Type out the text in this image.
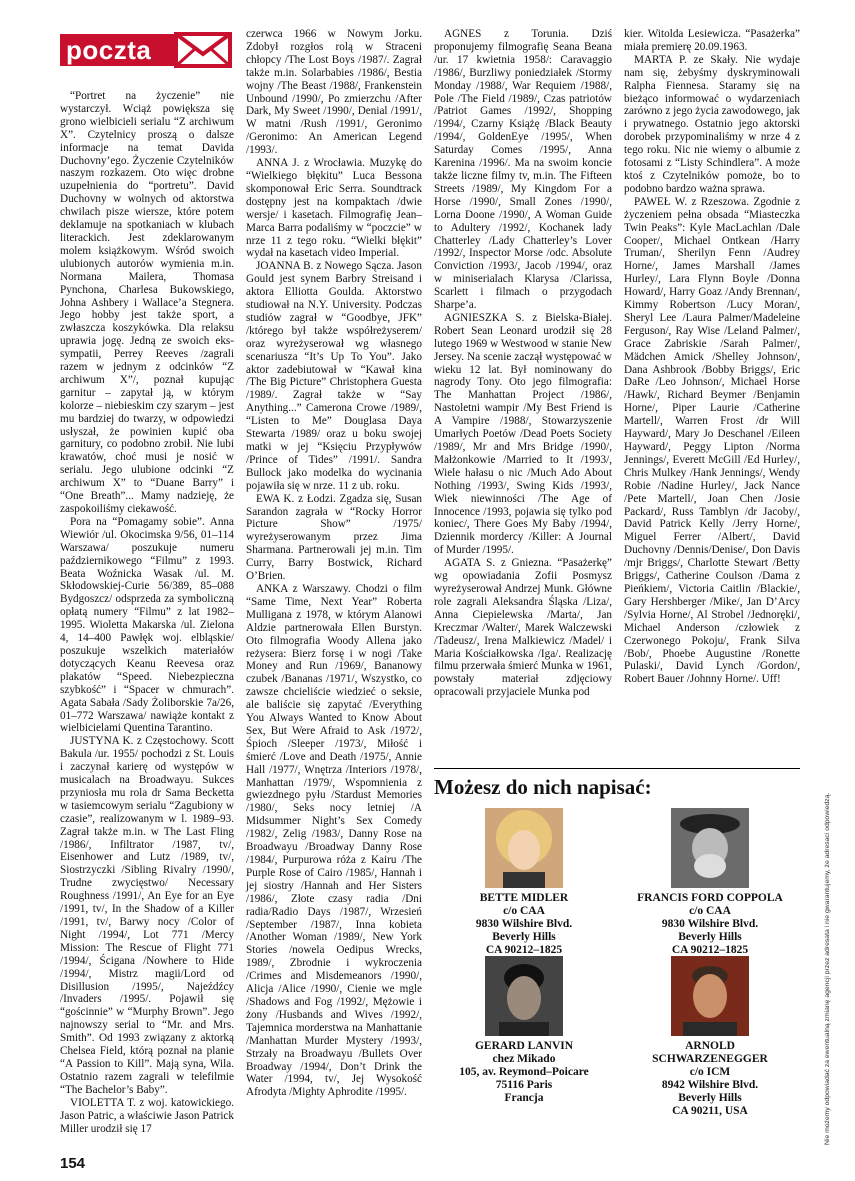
poczta

“Portret na życzenie” nie wystarczył. Wciąż powiększa się grono wielbicieli serialu “Z archiwum X”. Czytelnicy proszą o dalsze informacje na temat Davida Duchovny’ego. Życzenie Czytelników naszym rozkazem. Oto więc drobne uzupełnienia do “portretu”. David Duchovny w wolnych od aktorstwa chwilach pisze wiersze, które potem deklamuje na spotkaniach w klubach literackich. Jest zdeklarowanym molem książkowym. Wśród swoich ulubionych autorów wymienia m.in. Normana Mailera, Thomasa Pynchona, Charlesa Bukowskiego, Johna Ashbery i Wallace’a Stegnera. Jego hobby jest także sport, a zwłaszcza koszykówka. Dla relaksu uprawia jogę. Jedną ze swoich eks-sympatii, Perrey Reeves /zagrali razem w jednym z odcinków “Z archiwum X”/, poznał kupując garnitur – zapytał ją, w którym kolorze – niebieskim czy szarym – jest mu bardziej do twarzy, w odpowiedzi usłyszał, że powinien kupić oba garnitury, co podobno zrobił. Nie lubi krawatów, choć musi je nosić w serialu. Jego ulubione odcinki “Z archiwum X” to “Duane Barry” i “One Breath”... Mamy nadzieję, że zaspokoiliśmy ciekawość.

Pora na “Pomagamy sobie”. Anna Wiewiór /ul. Okocimska 9/56, 01–114 Warszawa/ poszukuje numeru październikowego “Filmu” z 1993. Beata Woźnicka Wasak /ul. M. Skłodowskiej-Curie 56/389, 85–088 Bydgoszcz/ odsprzeda za symboliczną opłatą numery “Filmu” z lat 1982–1995. Wioletta Makarska /ul. Zielona 4, 14–400 Pawłęk woj. elbląskie/ poszukuje wszelkich materiałów dotyczących Keanu Reevesa oraz plakatów “Speed. Niebezpieczna szybkość” i “Spacer w chmurach”. Agata Sabała /Sady Żoliborskie 7a/26, 01–772 Warszawa/ nawiąże kontakt z wielbicielami Quentina Tarantino.

JUSTYNA K. z Częstochowy. Scott Bakula /ur. 1955/ pochodzi z St. Louis i zaczynał karierę od występów w musicalach na Broadwayu. Sukces przyniosła mu rola dr Sama Becketta w tasiemcowym serialu “Zagubiony w czasie”, realizowanym w l. 1989–93. Zagrał także m.in. w The Last Fling /1986/, Infiltrator /1987, tv/, Eisenhower and Lutz /1989, tv/, Siostrzyczki /Sibling Rivalry /1990/, Trudne zwycięstwo/ Necessary Roughness /1991/, An Eye for an Eye /1991, tv/, In the Shadow of a Killer /1991, tv/, Barwy nocy /Color of Night /1994/, Lot 771 /Mercy Mission: The Rescue of Flight 771 /1994/, Ścigana /Nowhere to Hide /1994/, Mistrz magii/Lord od Disillusion /1995/, Najeźdźcy /Invaders /1995/. Pojawił się “gościnnie” w “Murphy Brown”. Jego najnowszy serial to “Mr. and Mrs. Smith”. Od 1993 związany z aktorką Chelsea Field, którą poznał na planie “A Passion to Kill”. Mają syna, Wila. Ostatnio razem zagrali w telefilmie “The Bachelor’s Baby”.

VIOLETTA T. z woj. katowickiego. Jason Patric, a właściwie Jason Patrick Miller urodził się 17

czerwca 1966 w Nowym Jorku. Zdobył rozgłos rolą w Straceni chłopcy /The Lost Boys /1987/. Zagrał także m.in. Solarbabies /1986/, Bestia wojny /The Beast /1988/, Frankenstein Unbound /1990/, Po zmierzchu /After Dark, My Sweet /1990/, Denial /1991/, W matni /Rush /1991/, Geronimo /Geronimo: An American Legend /1993/.

ANNA J. z Wrocławia. Muzykę do “Wielkiego błękitu” Luca Bessona skomponował Eric Serra. Soundtrack dostępny jest na kompaktach /dwie wersje/ i kasetach. Filmografię Jean–Marca Barra podaliśmy w “poczcie” w nrze 11 z tego roku. “Wielki błękit” wydał na kasetach video Imperial.

JOANNA B. z Nowego Sącza. Jason Gould jest synem Barbry Streisand i aktora Elliotta Goulda. Aktorstwo studiował na N.Y. University. Podczas studiów zagrał w “Goodbye, JFK” /którego był także współreżyserem/ oraz wyreżyserował wg własnego scenariusza “It’s Up To You”. Jako aktor zadebiutował w “Kawał kina /The Big Picture” Christophera Guesta /1989/. Zagrał także w “Say Anything...” Camerona Crowe /1989/, “Listen to Me” Douglasa Daya Stewarta /1989/ oraz u boku swojej matki w jej “Księciu Przypływów /Prince of Tides” /1991/. Sandra Bullock jako modelka do wycinania pojawiła się w nrze. 11 z ub. roku.

EWA K. z Łodzi. Zgadza się, Susan Sarandon zagrała w “Rocky Horror Picture Show” /1975/ wyreżyserowanym przez Jima Sharmana. Partnerowali jej m.in. Tim Curry, Barry Bostwick, Richard O’Brien.

ANKA z Warszawy. Chodzi o film “Same Time, Next Year” Roberta Mulligana z 1978, w którym Alanowi Aldzie partnerowała Ellen Burstyn. Oto filmografia Woody Allena jako reżysera: Bierz forsę i w nogi /Take Money and Run /1969/, Bananowy czubek /Bananas /1971/, Wszystko, co zawsze chcieliście wiedzieć o seksie, ale baliście się zapytać /Everything You Always Wanted to Know About Sex, But Were Afraid to Ask /1972/, Śpioch /Sleeper /1973/, Miłość i śmierć /Love and Death /1975/, Annie Hall /1977/, Wnętrza /Interiors /1978/, Manhattan /1979/, Wspomnienia z gwiezdnego pyłu /Stardust Memories /1980/, Seks nocy letniej /A Midsummer Night’s Sex Comedy /1982/, Zelig /1983/, Danny Rose na Broadwayu /Broadway Danny Rose /1984/, Purpurowa róża z Kairu /The Purple Rose of Cairo /1985/, Hannah i jej siostry /Hannah and Her Sisters /1986/, Złote czasy radia /Dni radia/Radio Days /1987/, Wrzesień /September /1987/, Inna kobieta /Another Woman /1989/, New York Stories /nowela Oedipus Wrecks, 1989/, Zbrodnie i wykroczenia /Crimes and Misdemeanors /1990/, Alicja /Alice /1990/, Cienie we mgle /Shadows and Fog /1992/, Mężowie i żony /Husbands and Wives /1992/, Tajemnica morderstwa na Manhattanie /Manhattan Murder Mystery /1993/, Strzały na Broadwayu /Bullets Over Broadway /1994/, Don’t Drink the Water /1994, tv/, Jej Wysokość Afrodyta /Mighty Aphrodite /1995/.

AGNES z Torunia. Dziś proponujemy filmografię Seana Beana /ur. 17 kwietnia 1958/: Caravaggio /1986/, Burzliwy poniedziałek /Stormy Monday /1988/, War Requiem /1988/, Pole /The Field /1989/, Czas patriotów /Patriot Games /1992/, Shopping /1994/, Czarny Książę /Black Beauty /1994/, GoldenEye /1995/, When Saturday Comes /1995/, Anna Karenina /1996/. Ma na swoim koncie także liczne filmy tv, m.in. The Fifteen Streets /1989/, My Kingdom For a Horse /1990/, Small Zones /1990/, Lorna Doone /1990/, A Woman Guide to Adultery /1992/, Kochanek lady Chatterley /Lady Chatterley’s Lover /1992/, Inspector Morse /odc. Absolute Conviction /1993/, Jacob /1994/, oraz w miniserialach Klarysa /Clarissa, Scarlett i filmach o przygodach Sharpe’a.

AGNIESZKA S. z Bielska-Białej. Robert Sean Leonard urodził się 28 lutego 1969 w Westwood w stanie New Jersey. Na scenie zaczął występować w wieku 12 lat. Był nominowany do nagrody Tony. Oto jego filmografia: The Manhattan Project /1986/, Nastoletni wampir /My Best Friend is A Vampire /1988/, Stowarzyszenie Umarłych Poetów /Dead Poets Society /1989/, Mr and Mrs Bridge /1990/, Małżonkowie /Married to It /1993/, Wiele hałasu o nic /Much Ado About Nothing /1993/, Swing Kids /1993/, Wiek niewinności /The Age of Innocence /1993, pojawia się tylko pod koniec/, There Goes My Baby /1994/, Dziennik mordercy /Killer: A Journal of Murder /1995/.

AGATA S. z Gniezna. “Pasażerkę” wg opowiadania Zofii Posmysz wyreżyserował Andrzej Munk. Główne role zagrali Aleksandra Śląska /Liza/, Anna Ciepielewska /Marta/, Jan Kreczmar /Walter/, Marek Walczewski /Tadeusz/, Irena Malkiewicz /Madel/ i Maria Kościałkowska /Iga/. Realizację filmu przerwała śmierć Munka w 1961, powstały materiał zdjęciowy opracowali przyjaciele Munka pod

kier. Witolda Lesiewicza. “Pasażerka” miała premierę 20.09.1963.

MARTA P. ze Skały. Nie wydaje nam się, żebyśmy dyskryminowali Ralpha Fiennesa. Staramy się na bieżąco informować o wydarzeniach zarówno z jego życia zawodowego, jak i prywatnego. Ostatnio jego aktorski dorobek przypominaliśmy w nrze 4 z tego roku. Nic nie wiemy o albumie z fotosami z “Listy Schindlera”. A może ktoś z Czytelników pomoże, bo to podobno bardzo ważna sprawa.

PAWEŁ W. z Rzeszowa. Zgodnie z życzeniem pełna obsada “Miasteczka Twin Peaks”: Kyle MacLachlan /Dale Cooper/, Michael Ontkean /Harry Truman/, Sherilyn Fenn /Audrey Horne/, James Marshall /James Hurley/, Lara Flynn Boyle /Donna Howard/, Harry Goaz /Andy Brennan/, Kimmy Robertson /Lucy Moran/, Sheryl Lee /Laura Palmer/Madeleine Ferguson/, Ray Wise /Leland Palmer/, Grace Zabriskie /Sarah Palmer/, Mädchen Amick /Shelley Johnson/, Dana Ashbrook /Bobby Briggs/, Eric DaRe /Leo Johnson/, Michael Horse /Hawk/, Richard Beymer /Benjamin Horne/, Piper Laurie /Catherine Martell/, Warren Frost /dr Will Hayward/, Mary Jo Deschanel /Eileen Hayward/, Peggy Lipton /Norma Jennings/, Everett McGill /Ed Hurley/, Chris Mulkey /Hank Jennings/, Wendy Robie /Nadine Hurley/, Jack Nance /Pete Martell/, Joan Chen /Josie Packard/, Russ Tamblyn /dr Jacoby/, David Patrick Kelly /Jerry Horne/, Miguel Ferrer /Albert/, David Duchovny /Dennis/Denise/, Don Davis /mjr Briggs/, Charlotte Stewart /Betty Briggs/, Catherine Coulson /Dama z Pieńkiem/, Victoria Caitlin /Blackie/, Gary Hershberger /Mike/, Jan D’Arcy /Sylvia Horne/, Al Strobel /Jednoręki/, Michael Anderson /człowiek z Czerwonego Pokoju/, Frank Silva /Bob/, Phoebe Augustine /Ronette Pulaski/, David Lynch /Gordon/, Robert Bauer /Johnny Horne/. Uff!

Możesz do nich napisać:
BETTE MIDLER
c/o CAA
9830 Wilshire Blvd.
Beverly Hills
CA 90212–1825
FRANCIS FORD COPPOLA
c/o CAA
9830 Wilshire Blvd.
Beverly Hills
CA 90212–1825
GERARD LANVIN
chez Mikado
105, av. Reymond–Poicare
75116 Paris
Francja
ARNOLD
SCHWARZENEGGER
c/o ICM
8942 Wilshire Blvd.
Beverly Hills
CA 90211, USA	Nie możemy odpowiadać za ewentualną zmianę agencji przez adresata i nie gwarantujemy, że adresaci odpowiedzą.
154
